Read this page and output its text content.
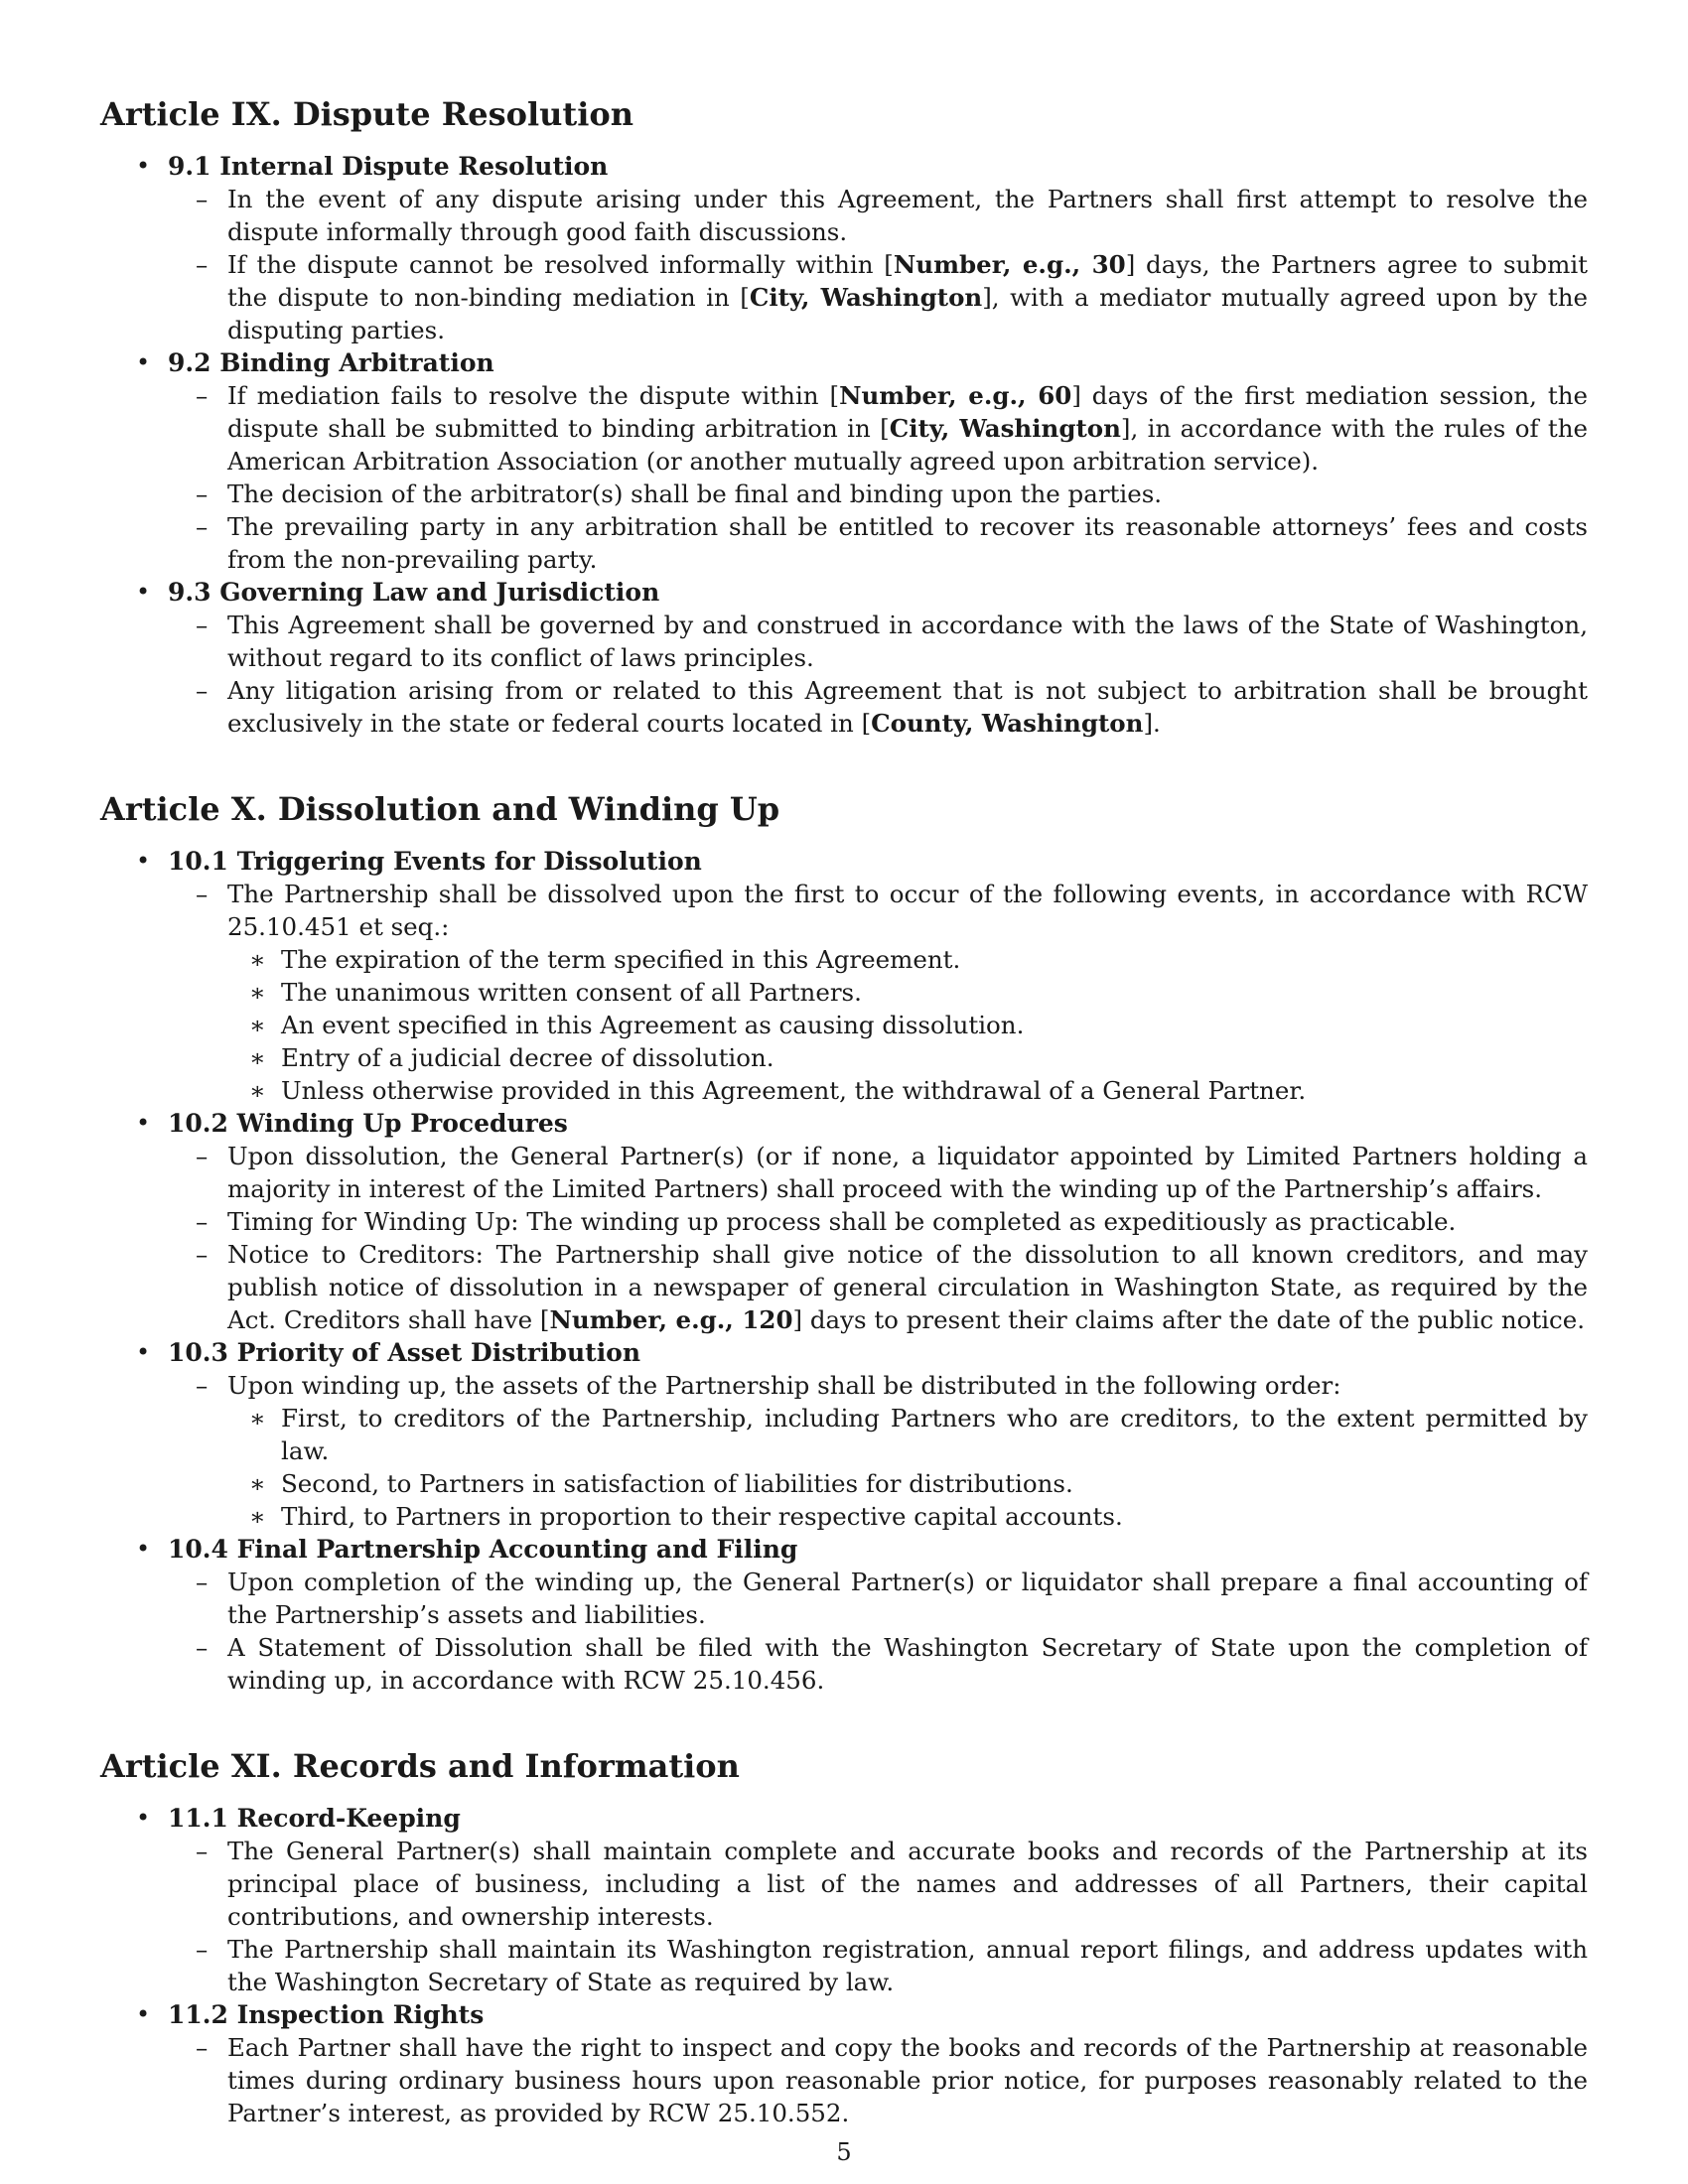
Article IX. Dispute Resolution
• 9.1 Internal Dispute Resolution
– In the event of any dispute arising under this Agreement, the Partners shall first attempt to resolve the dispute informally through good faith discussions.
– If the dispute cannot be resolved informally within [Number, e.g., 30] days, the Partners agree to submit the dispute to non-binding mediation in [City, Washington], with a mediator mutually agreed upon by the disputing parties.
• 9.2 Binding Arbitration
– If mediation fails to resolve the dispute within [Number, e.g., 60] days of the first mediation session, the dispute shall be submitted to binding arbitration in [City, Washington], in accordance with the rules of the American Arbitration Association (or another mutually agreed upon arbitration service).
– The decision of the arbitrator(s) shall be final and binding upon the parties.
– The prevailing party in any arbitration shall be entitled to recover its reasonable attorneys’ fees and costs from the non-prevailing party.
• 9.3 Governing Law and Jurisdiction
– This Agreement shall be governed by and construed in accordance with the laws of the State of Washington, without regard to its conflict of laws principles.
– Any litigation arising from or related to this Agreement that is not subject to arbitration shall be brought exclusively in the state or federal courts located in [County, Washington].
Article X. Dissolution and Winding Up
• 10.1 Triggering Events for Dissolution
– The Partnership shall be dissolved upon the first to occur of the following events, in accordance with RCW 25.10.451 et seq.:
∗ The expiration of the term specified in this Agreement.
∗ The unanimous written consent of all Partners.
∗ An event specified in this Agreement as causing dissolution.
∗ Entry of a judicial decree of dissolution.
∗ Unless otherwise provided in this Agreement, the withdrawal of a General Partner.
• 10.2 Winding Up Procedures
– Upon dissolution, the General Partner(s) (or if none, a liquidator appointed by Limited Partners holding a majority in interest of the Limited Partners) shall proceed with the winding up of the Partnership’s affairs.
– Timing for Winding Up: The winding up process shall be completed as expeditiously as practicable.
– Notice to Creditors: The Partnership shall give notice of the dissolution to all known creditors, and may publish notice of dissolution in a newspaper of general circulation in Washington State, as required by the Act. Creditors shall have [Number, e.g., 120] days to present their claims after the date of the public notice.
• 10.3 Priority of Asset Distribution
– Upon winding up, the assets of the Partnership shall be distributed in the following order:
∗ First, to creditors of the Partnership, including Partners who are creditors, to the extent permitted by law.
∗ Second, to Partners in satisfaction of liabilities for distributions.
∗ Third, to Partners in proportion to their respective capital accounts.
• 10.4 Final Partnership Accounting and Filing
– Upon completion of the winding up, the General Partner(s) or liquidator shall prepare a final accounting of the Partnership’s assets and liabilities.
– A Statement of Dissolution shall be filed with the Washington Secretary of State upon the completion of winding up, in accordance with RCW 25.10.456.
Article XI. Records and Information
• 11.1 Record-Keeping
– The General Partner(s) shall maintain complete and accurate books and records of the Partnership at its principal place of business, including a list of the names and addresses of all Partners, their capital contributions, and ownership interests.
– The Partnership shall maintain its Washington registration, annual report filings, and address updates with the Washington Secretary of State as required by law.
• 11.2 Inspection Rights
– Each Partner shall have the right to inspect and copy the books and records of the Partnership at reasonable times during ordinary business hours upon reasonable prior notice, for purposes reasonably related to the Partner’s interest, as provided by RCW 25.10.552.
5
